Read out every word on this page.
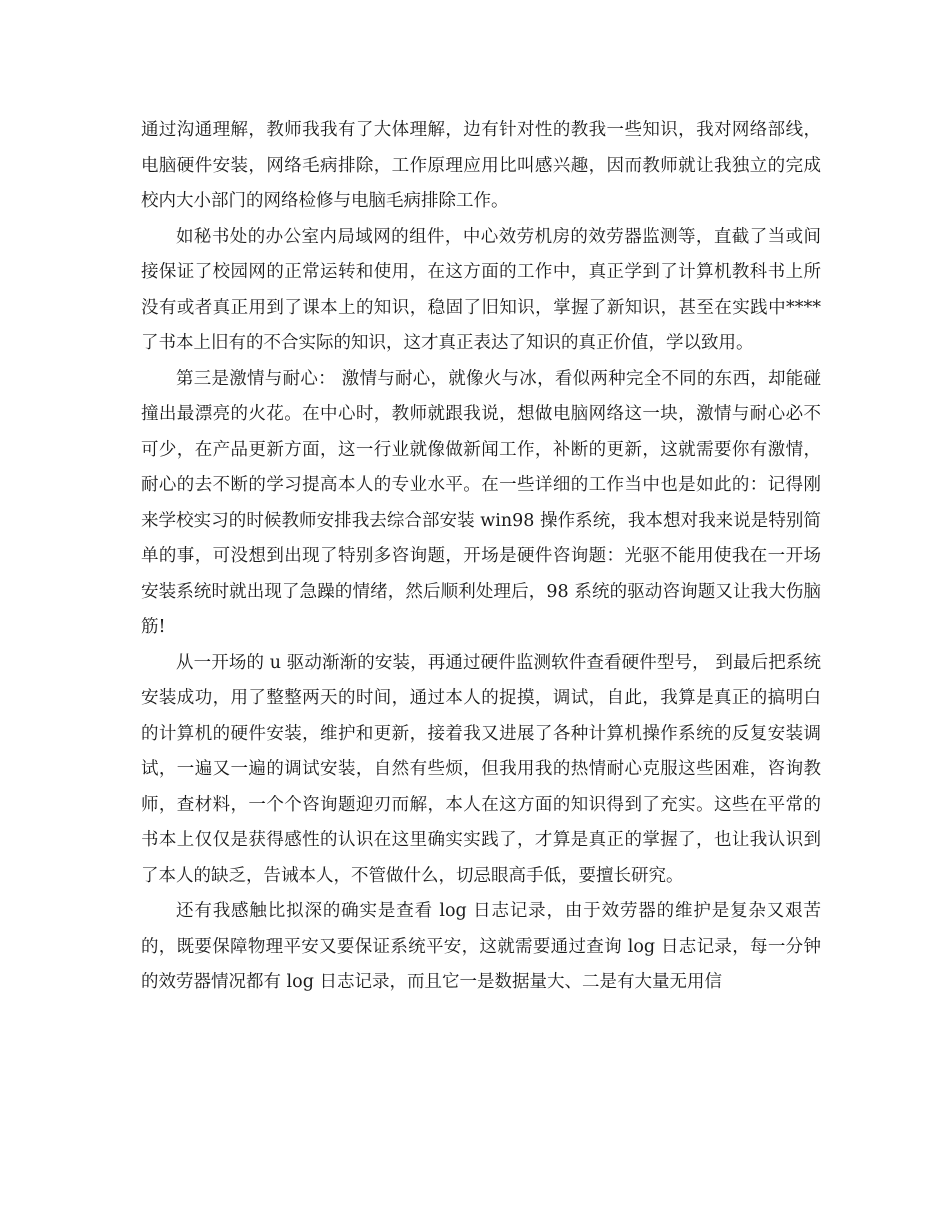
通过沟通理解，教师我我有了大体理解，边有针对性的教我一些知识，我对网络部线，电脑硬件安装，网络毛病排除，工作原理应用比叫感兴趣，因而教师就让我独立的完成校内大小部门的网络检修与电脑毛病排除工作。

如秘书处的办公室内局域网的组件，中心效劳机房的效劳器监测等，直截了当或间接保证了校园网的正常运转和使用，在这方面的工作中，真正学到了计算机教科书上所没有或者真正用到了课本上的知识，稳固了旧知识，掌握了新知识，甚至在实践中****了书本上旧有的不合实际的知识，这才真正表达了知识的真正价值，学以致用。

第三是激情与耐心： 激情与耐心，就像火与冰，看似两种完全不同的东西，却能碰撞出最漂亮的火花。在中心时，教师就跟我说，想做电脑网络这一块，激情与耐心必不可少，在产品更新方面，这一行业就像做新闻工作，补断的更新，这就需要你有激情，耐心的去不断的学习提高本人的专业水平。在一些详细的工作当中也是如此的：记得刚来学校实习的时候教师安排我去综合部安装 win98 操作系统，我本想对我来说是特别简单的事，可没想到出现了特别多咨询题，开场是硬件咨询题：光驱不能用使我在一开场安装系统时就出现了急躁的情绪，然后顺利处理后，98 系统的驱动咨询题又让我大伤脑筋!

从一开场的 u 驱动渐渐的安装，再通过硬件监测软件查看硬件型号， 到最后把系统安装成功，用了整整两天的时间，通过本人的捉摸，调试，自此，我算是真正的搞明白的计算机的硬件安装，维护和更新，接着我又进展了各种计算机操作系统的反复安装调试，一遍又一遍的调试安装，自然有些烦，但我用我的热情耐心克服这些困难，咨询教师，查材料，一个个咨询题迎刃而解，本人在这方面的知识得到了充实。这些在平常的书本上仅仅是获得感性的认识在这里确实实践了，才算是真正的掌握了，也让我认识到了本人的缺乏，告诫本人，不管做什么，切忌眼高手低，要擅长研究。

还有我感触比拟深的确实是查看 log 日志记录，由于效劳器的维护是复杂又艰苦的，既要保障物理平安又要保证系统平安，这就需要通过查询 log 日志记录，每一分钟的效劳器情况都有 log 日志记录，而且它一是数据量大、二是有大量无用信
